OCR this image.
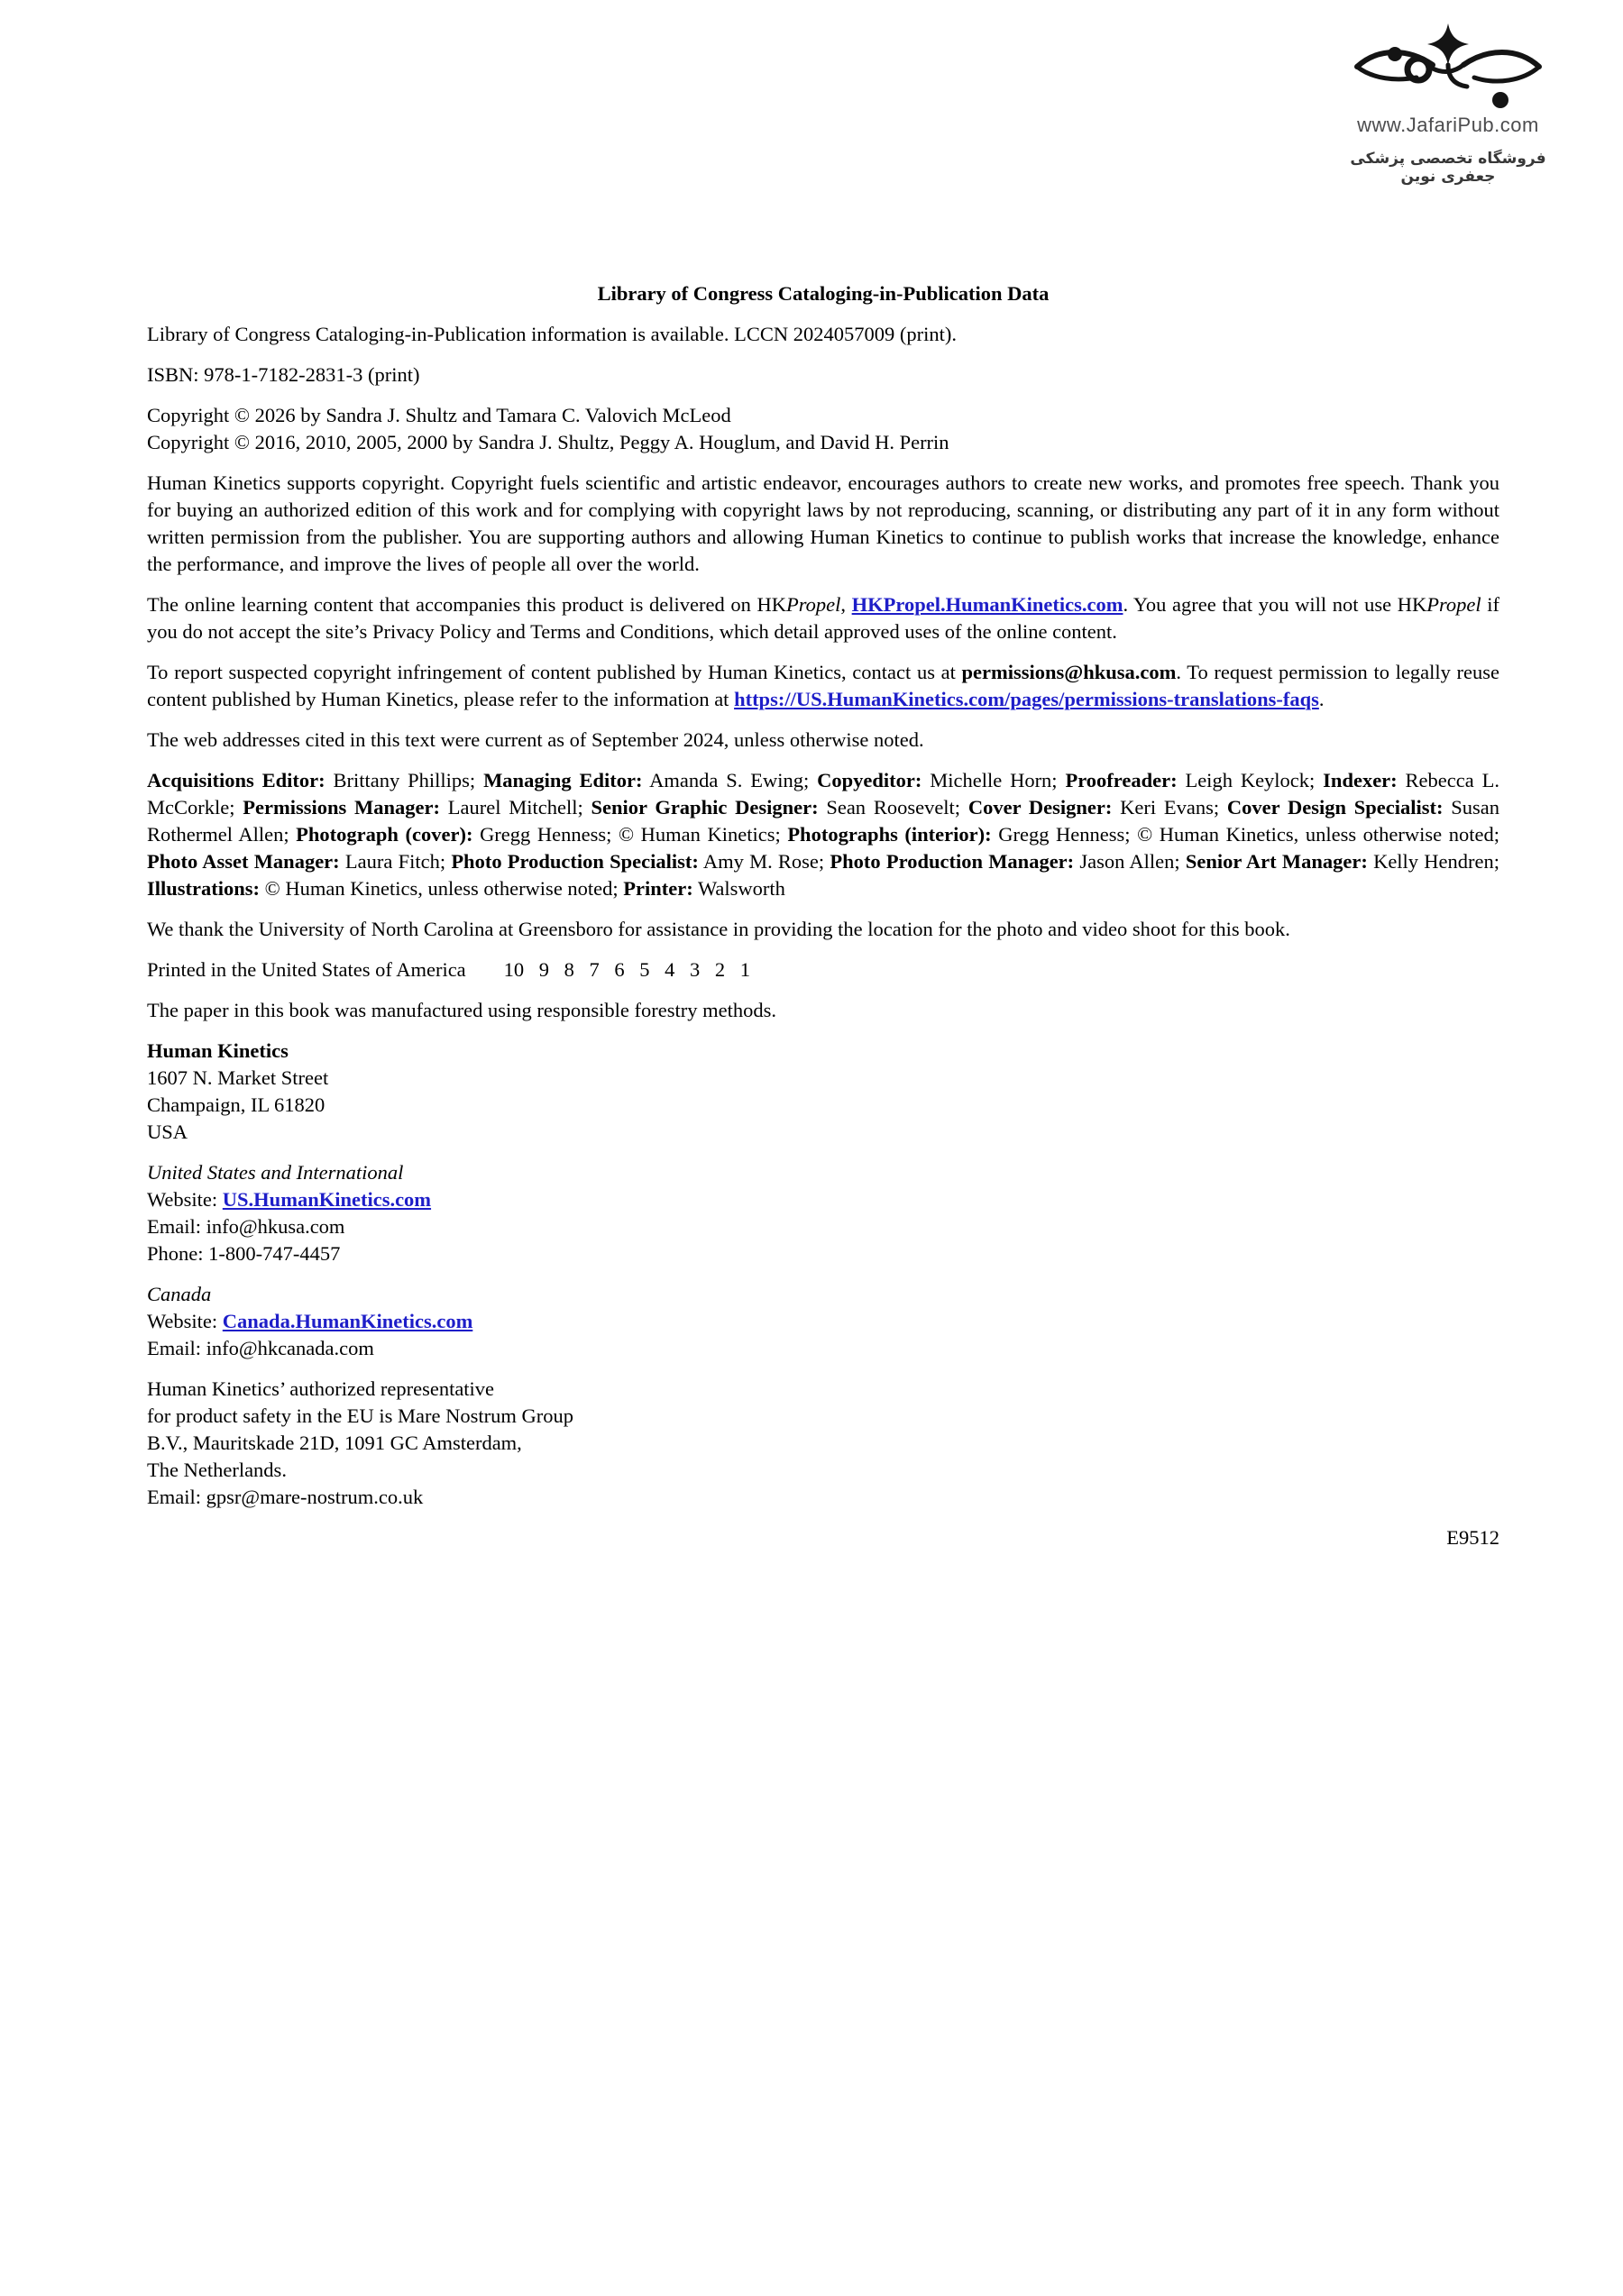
www.JafariPub.com
فروشگاه تخصصی پزشکی جعفری نوین

Library of Congress Cataloging-in-Publication Data

Library of Congress Cataloging-in-Publication information is available. LCCN 2024057009 (print).

ISBN: 978-1-7182-2831-3 (print)

Copyright © 2026 by Sandra J. Shultz and Tamara C. Valovich McLeod
Copyright © 2016, 2010, 2005, 2000 by Sandra J. Shultz, Peggy A. Houglum, and David H. Perrin

Human Kinetics supports copyright. Copyright fuels scientific and artistic endeavor, encourages authors to create new works, and promotes free speech. Thank you for buying an authorized edition of this work and for complying with copyright laws by not reproducing, scanning, or distributing any part of it in any form without written permission from the publisher. You are supporting authors and allowing Human Kinetics to continue to publish works that increase the knowledge, enhance the performance, and improve the lives of people all over the world.

The online learning content that accompanies this product is delivered on HKPropel, HKPropel.HumanKinetics.com. You agree that you will not use HKPropel if you do not accept the site’s Privacy Policy and Terms and Conditions, which detail approved uses of the online content.

To report suspected copyright infringement of content published by Human Kinetics, contact us at permissions@hkusa.com. To request permission to legally reuse content published by Human Kinetics, please refer to the information at https://US.HumanKinetics.com/pages/permissions-translations-faqs.

The web addresses cited in this text were current as of September 2024, unless otherwise noted.

Acquisitions Editor: Brittany Phillips; Managing Editor: Amanda S. Ewing; Copyeditor: Michelle Horn; Proofreader: Leigh Keylock; Indexer: Rebecca L. McCorkle; Permissions Manager: Laurel Mitchell; Senior Graphic Designer: Sean Roosevelt; Cover Designer: Keri Evans; Cover Design Specialist: Susan Rothermel Allen; Photograph (cover): Gregg Henness; © Human Kinetics; Photographs (interior): Gregg Henness; © Human Kinetics, unless otherwise noted; Photo Asset Manager: Laura Fitch; Photo Production Specialist: Amy M. Rose; Photo Production Manager: Jason Allen; Senior Art Manager: Kelly Hendren; Illustrations: © Human Kinetics, unless otherwise noted; Printer: Walsworth

We thank the University of North Carolina at Greensboro for assistance in providing the location for the photo and video shoot for this book.

Printed in the United States of America 10 9 8 7 6 5 4 3 2 1

The paper in this book was manufactured using responsible forestry methods.

Human Kinetics
1607 N. Market Street
Champaign, IL 61820
USA
United States and International
Website: US.HumanKinetics.com
Email: info@hkusa.com
Phone: 1-800-747-4457
Canada
Website: Canada.HumanKinetics.com
Email: info@hkcanada.com
Human Kinetics’ authorized representative
for product safety in the EU is Mare Nostrum Group
B.V., Mauritskade 21D, 1091 GC Amsterdam,
The Netherlands.
Email: gpsr@mare-nostrum.co.uk

E9512
